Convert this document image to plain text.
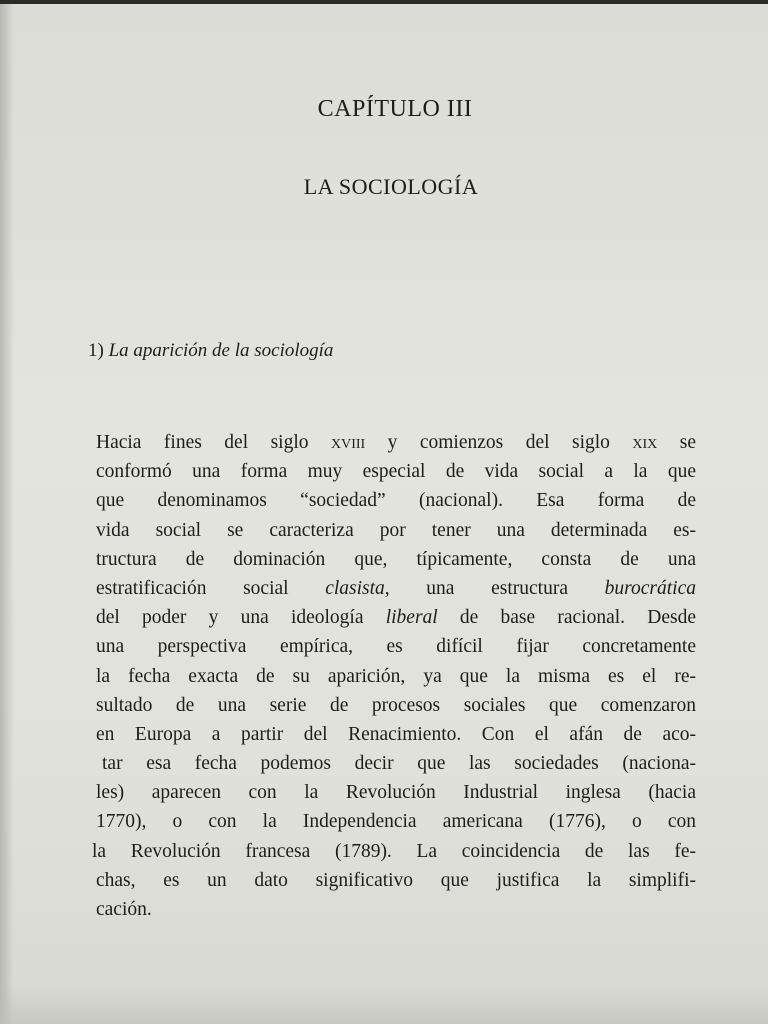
CAPÍTULO III
LA SOCIOLOGÍA
1) La aparición de la sociología
Hacia fines del siglo xviii y comienzos del siglo xix se
conformó una forma muy especial de vida social a la que
que denominamos “sociedad” (nacional). Esa forma de
vida social se caracteriza por tener una determinada es-
tructura de dominación que, típicamente, consta de una
estratificación social clasista, una estructura burocrática
del poder y una ideología liberal de base racional. Desde
una perspectiva empírica, es difícil fijar concretamente
la fecha exacta de su aparición, ya que la misma es el re-
sultado de una serie de procesos sociales que comenzaron
en Europa a partir del Renacimiento. Con el afán de aco-
tar esa fecha podemos decir que las sociedades (naciona-
les) aparecen con la Revolución Industrial inglesa (hacia
1770), o con la Independencia americana (1776), o con
la Revolución francesa (1789). La coincidencia de las fe-
chas, es un dato significativo que justifica la simplifi-
cación.
